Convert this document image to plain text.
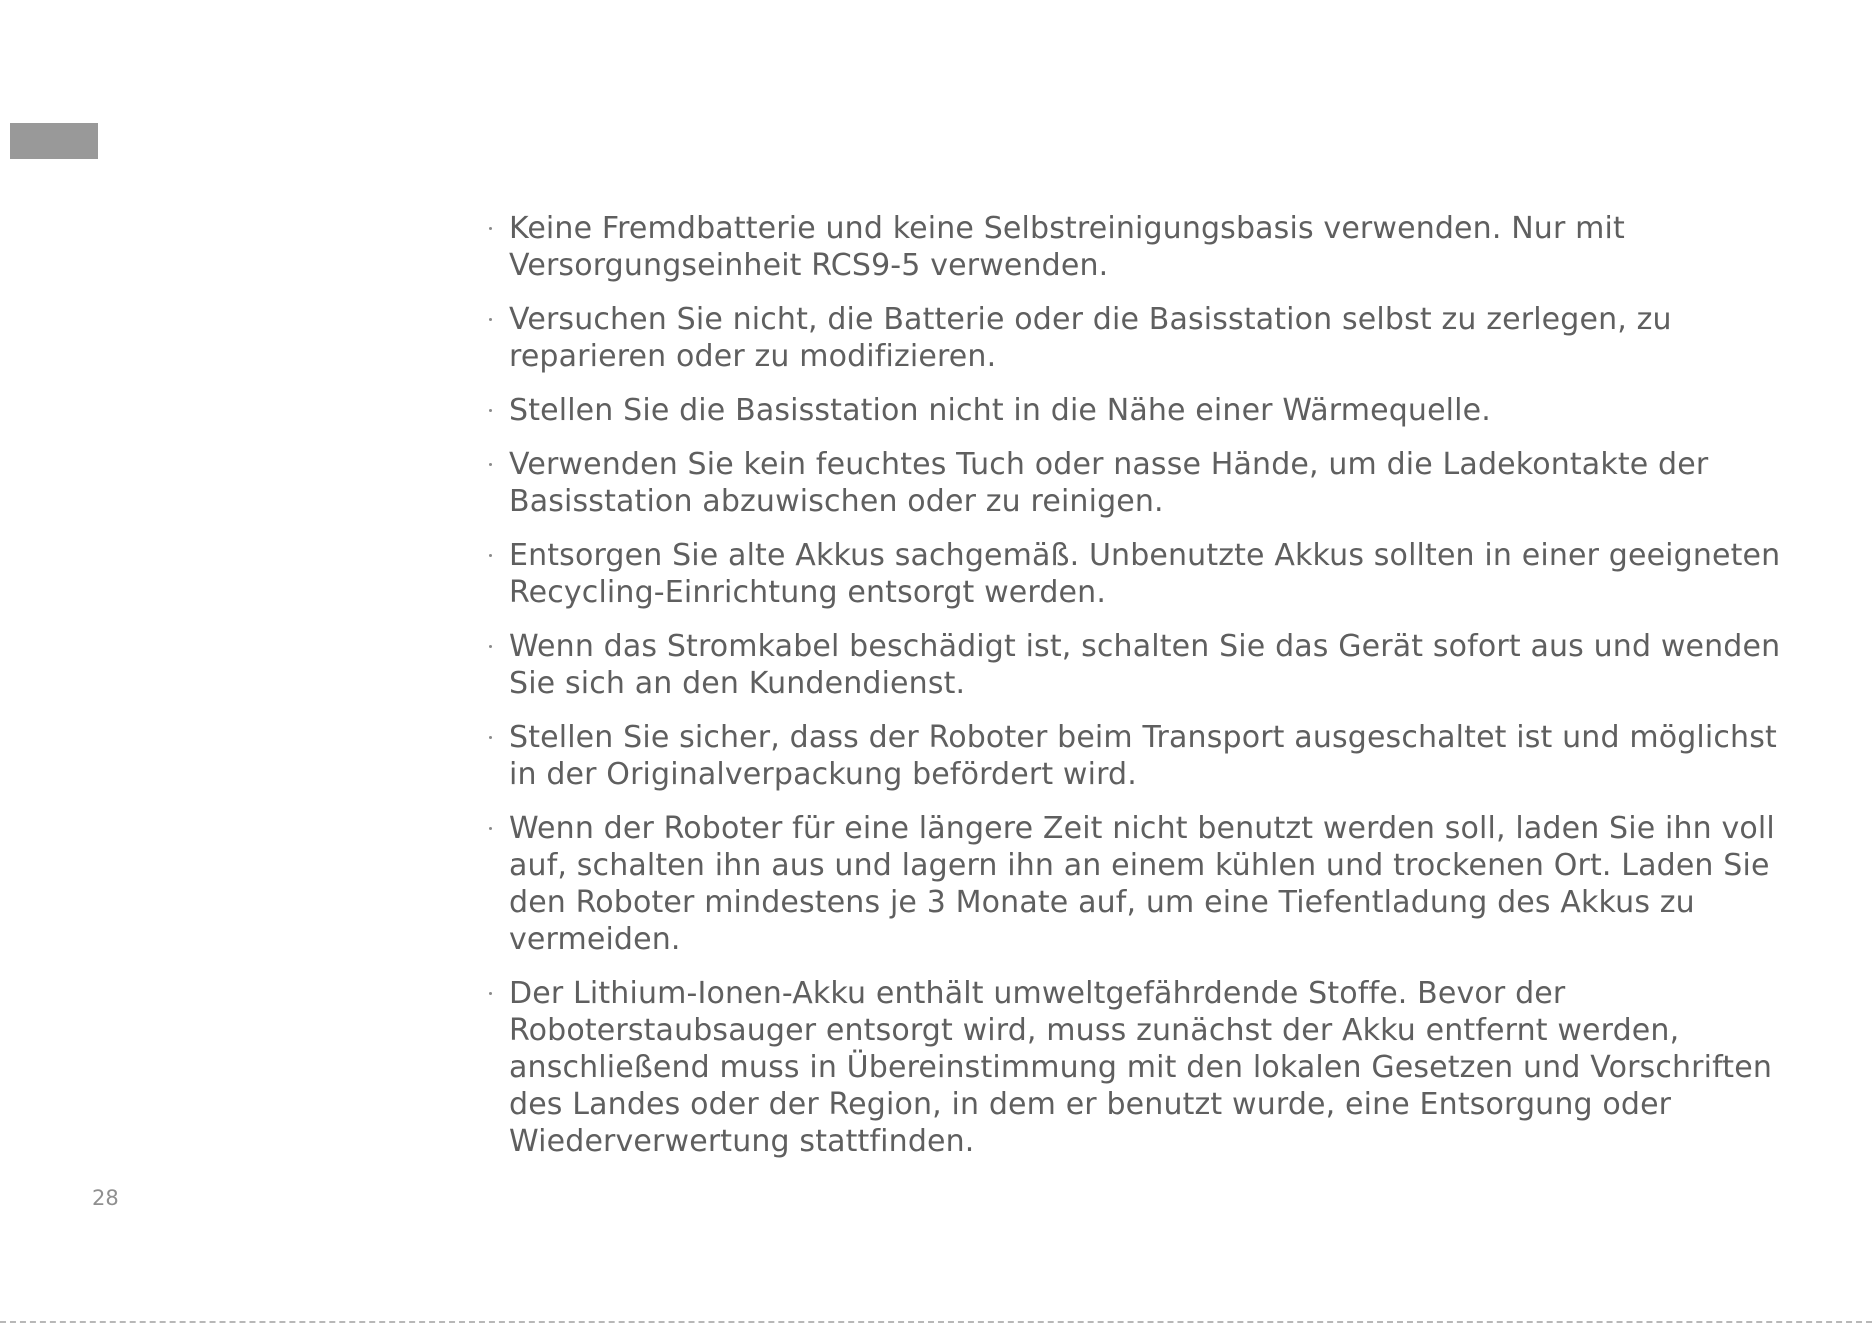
Keine Fremdbatterie und keine Selbstreinigungsbasis verwenden. Nur mit Versorgungseinheit RCS9-5 verwenden.
Versuchen Sie nicht, die Batterie oder die Basisstation selbst zu zerlegen, zu reparieren oder zu modifizieren.
Stellen Sie die Basisstation nicht in die Nähe einer Wärmequelle.
Verwenden Sie kein feuchtes Tuch oder nasse Hände, um die Ladekontakte der Basisstation abzuwischen oder zu reinigen.
Entsorgen Sie alte Akkus sachgemäß. Unbenutzte Akkus sollten in einer geeigneten Recycling-Einrichtung entsorgt werden.
Wenn das Stromkabel beschädigt ist, schalten Sie das Gerät sofort aus und wenden Sie sich an den Kundendienst.
Stellen Sie sicher, dass der Roboter beim Transport ausgeschaltet ist und möglichst in der Originalverpackung befördert wird.
Wenn der Roboter für eine längere Zeit nicht benutzt werden soll, laden Sie ihn voll auf, schalten ihn aus und lagern ihn an einem kühlen und trockenen Ort. Laden Sie den Roboter mindestens je 3 Monate auf, um eine Tiefentladung des Akkus zu vermeiden.
Der Lithium-Ionen-Akku enthält umweltgefährdende Stoffe. Bevor der Roboterstaubsauger entsorgt wird, muss zunächst der Akku entfernt werden, anschließend muss in Übereinstimmung mit den lokalen Gesetzen und Vorschriften des Landes oder der Region, in dem er benutzt wurde, eine Entsorgung oder Wiederverwertung stattfinden.
28
